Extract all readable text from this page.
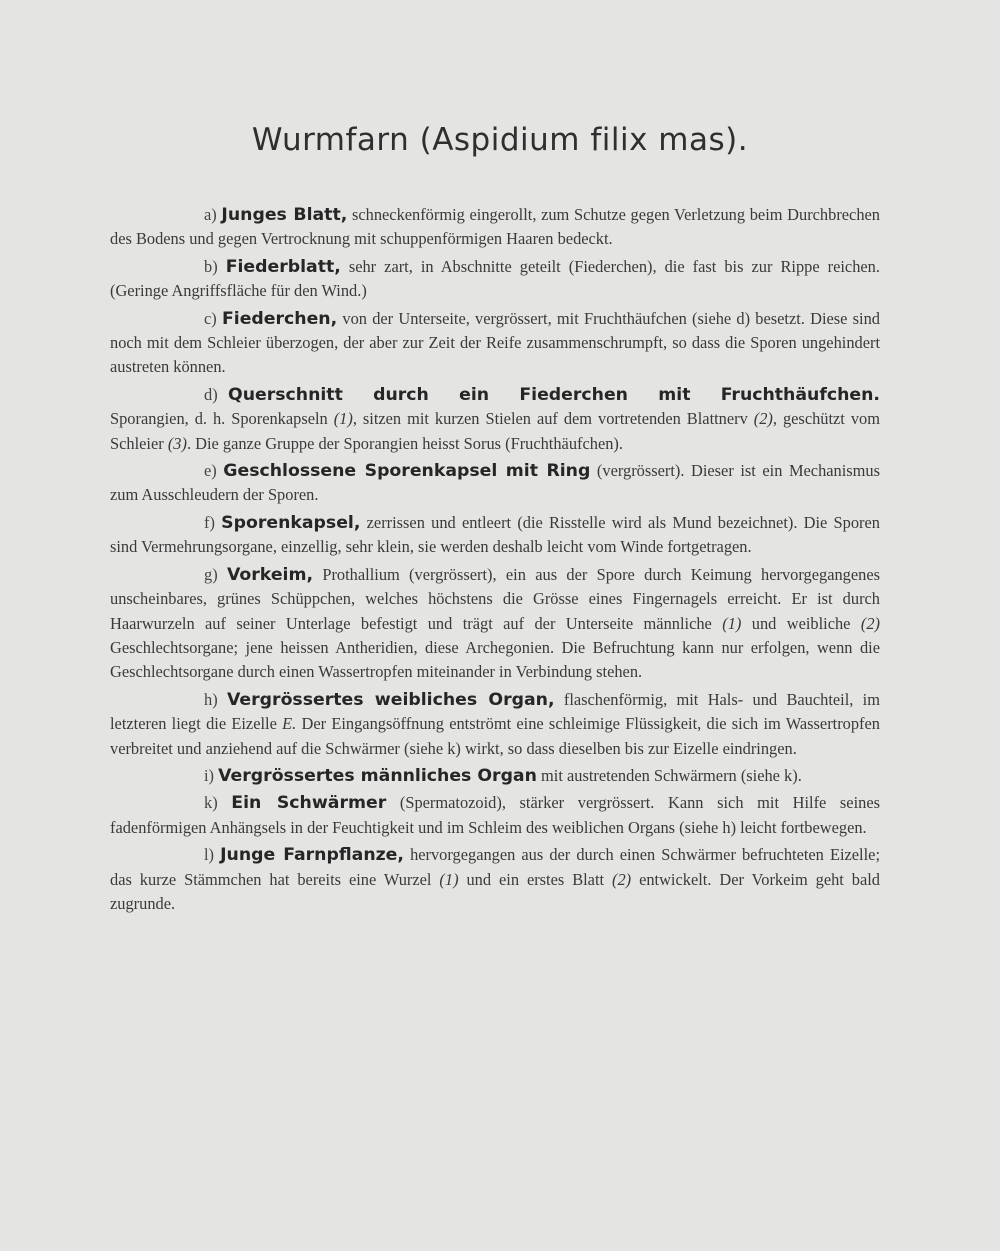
Wurmfarn (Aspidium filix mas).

a) Junges Blatt, schneckenförmig eingerollt, zum Schutze gegen Verletzung beim Durchbrechen des Bodens und gegen Vertrocknung mit schuppenförmigen Haaren bedeckt.

b) Fiederblatt, sehr zart, in Abschnitte geteilt (Fiederchen), die fast bis zur Rippe reichen. (Geringe Angriffsfläche für den Wind.)

c) Fiederchen, von der Unterseite, vergrössert, mit Fruchthäufchen (siehe d) besetzt. Diese sind noch mit dem Schleier überzogen, der aber zur Zeit der Reife zusammenschrumpft, so dass die Sporen ungehindert austreten können.

d) Querschnitt durch ein Fiederchen mit Fruchthäufchen. Sporangien, d. h. Sporenkapseln (1), sitzen mit kurzen Stielen auf dem vortretenden Blattnerv (2), geschützt vom Schleier (3). Die ganze Gruppe der Sporangien heisst Sorus (Fruchthäufchen).

e) Geschlossene Sporenkapsel mit Ring (vergrössert). Dieser ist ein Mechanismus zum Ausschleudern der Sporen.

f) Sporenkapsel, zerrissen und entleert (die Risstelle wird als Mund bezeichnet). Die Sporen sind Vermehrungsorgane, einzellig, sehr klein, sie werden deshalb leicht vom Winde fortgetragen.

g) Vorkeim, Prothallium (vergrössert), ein aus der Spore durch Keimung hervorgegangenes unscheinbares, grünes Schüppchen, welches höchstens die Grösse eines Fingernagels erreicht. Er ist durch Haarwurzeln auf seiner Unterlage befestigt und trägt auf der Unterseite männliche (1) und weibliche (2) Geschlechtsorgane; jene heissen Antheridien, diese Archegonien. Die Befruchtung kann nur erfolgen, wenn die Geschlechtsorgane durch einen Wassertropfen miteinander in Verbindung stehen.

h) Vergrössertes weibliches Organ, flaschenförmig, mit Hals- und Bauchteil, im letzteren liegt die Eizelle E. Der Eingangsöffnung entströmt eine schleimige Flüssigkeit, die sich im Wassertropfen verbreitet und anziehend auf die Schwärmer (siehe k) wirkt, so dass dieselben bis zur Eizelle eindringen.

i) Vergrössertes männliches Organ mit austretenden Schwärmern (siehe k).

k) Ein Schwärmer (Spermatozoid), stärker vergrössert. Kann sich mit Hilfe seines fadenförmigen Anhängsels in der Feuchtigkeit und im Schleim des weiblichen Organs (siehe h) leicht fortbewegen.

l) Junge Farnpflanze, hervorgegangen aus der durch einen Schwärmer befruchteten Eizelle; das kurze Stämmchen hat bereits eine Wurzel (1) und ein erstes Blatt (2) entwickelt. Der Vorkeim geht bald zugrunde.
